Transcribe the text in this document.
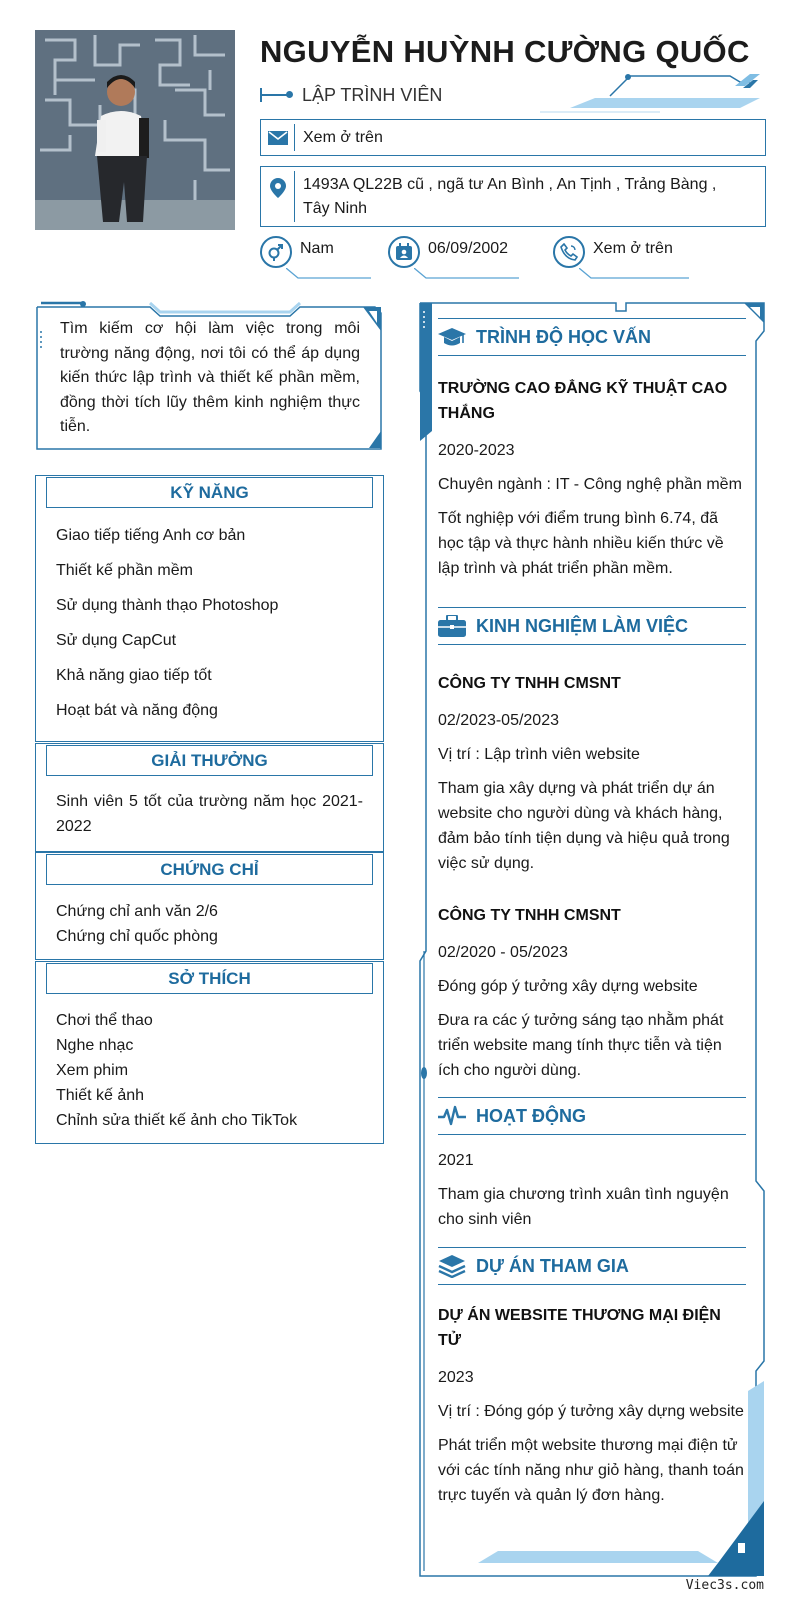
NGUYỄN HUỲNH CƯỜNG QUỐC
LẬP TRÌNH VIÊN
Xem ở trên
1493A QL22B cũ , ngã tư An Bình , An Tịnh , Trảng Bàng , Tây Ninh
Nam	06/09/2002	Xem ở trên
Tìm kiếm cơ hội làm việc trong môi trường năng động, nơi tôi có thể áp dụng kiến thức lập trình và thiết kế phần mềm, đồng thời tích lũy thêm kinh nghiệm thực tiễn.
KỸ NĂNG
Giao tiếp tiếng Anh cơ bản
Thiết kế phần mềm
Sử dụng thành thạo Photoshop
Sử dụng CapCut
Khả năng giao tiếp tốt
Hoạt bát và năng động
GIẢI THƯỞNG
Sinh viên 5 tốt của trường năm học 2021-2022
CHỨNG CHỈ
Chứng chỉ anh văn 2/6
Chứng chỉ quốc phòng
SỞ THÍCH
Chơi thể thao
Nghe nhạc
Xem phim
Thiết kế ảnh
Chỉnh sửa thiết kế ảnh cho TikTok
TRÌNH ĐỘ HỌC VẤN
TRƯỜNG CAO ĐẲNG KỸ THUẬT CAO THẮNG
2020-2023
Chuyên ngành : IT - Công nghệ phần mềm
Tốt nghiệp với điểm trung bình 6.74, đã học tập và thực hành nhiều kiến thức về lập trình và phát triển phần mềm.
KINH NGHIỆM LÀM VIỆC
CÔNG TY TNHH CMSNT
02/2023-05/2023
Vị trí : Lập trình viên website
Tham gia xây dựng và phát triển dự án website cho người dùng và khách hàng, đảm bảo tính tiện dụng và hiệu quả trong việc sử dụng.
CÔNG TY TNHH CMSNT
02/2020 - 05/2023
Đóng góp ý tưởng xây dựng website
Đưa ra các ý tưởng sáng tạo nhằm phát triển website mang tính thực tiễn và tiện ích cho người dùng.
HOẠT ĐỘNG
2021
Tham gia chương trình xuân tình nguyện cho sinh viên
DỰ ÁN THAM GIA
DỰ ÁN WEBSITE THƯƠNG MẠI ĐIỆN TỬ
2023
Vị trí : Đóng góp ý tưởng xây dựng website
Phát triển một website thương mại điện tử với các tính năng như giỏ hàng, thanh toán trực tuyến và quản lý đơn hàng.
Viec3s.com
